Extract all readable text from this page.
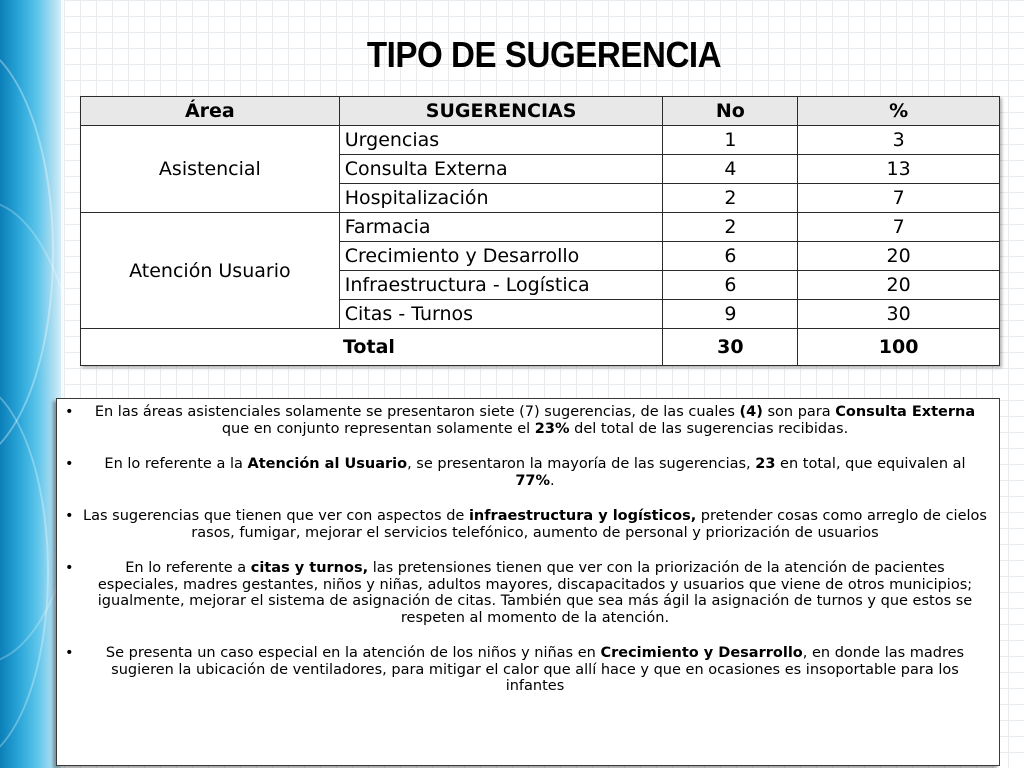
TIPO DE SUGERENCIA
Área	SUGERENCIAS	No	%
Asistencial	Urgencias	1	3
	Consulta Externa	4	13
	Hospitalización	2	7
Atención Usuario	Farmacia	2	7
	Crecimiento y Desarrollo	6	20
	Infraestructura - Logística	6	20
	Citas - Turnos	9	30
Total		30	100
• En las áreas asistenciales solamente se presentaron siete (7) sugerencias, de las cuales (4) son para Consulta Externa que en conjunto representan solamente el 23% del total de las sugerencias recibidas.
• En lo referente a la Atención al Usuario, se presentaron la mayoría de las sugerencias, 23 en total, que equivalen al 77%.
• Las sugerencias que tienen que ver con aspectos de infraestructura y logísticos, pretender cosas como arreglo de cielos rasos, fumigar, mejorar el servicios telefónico, aumento de personal y priorización de usuarios
•	En lo referente a citas y turnos, las pretensiones tienen que ver con la priorización de la atención de pacientes especiales, madres gestantes, niños y niñas, adultos mayores, discapacitados y usuarios que viene de otros municipios; igualmente, mejorar el sistema de asignación de citas. También que sea más ágil la asignación de turnos y que estos se respeten al momento de la atención.
• Se presenta un caso especial en la atención de los niños y niñas en Crecimiento y Desarrollo, en donde las madres sugieren la ubicación de ventiladores, para mitigar el calor que allí hace y que en ocasiones es insoportable para los infantes
